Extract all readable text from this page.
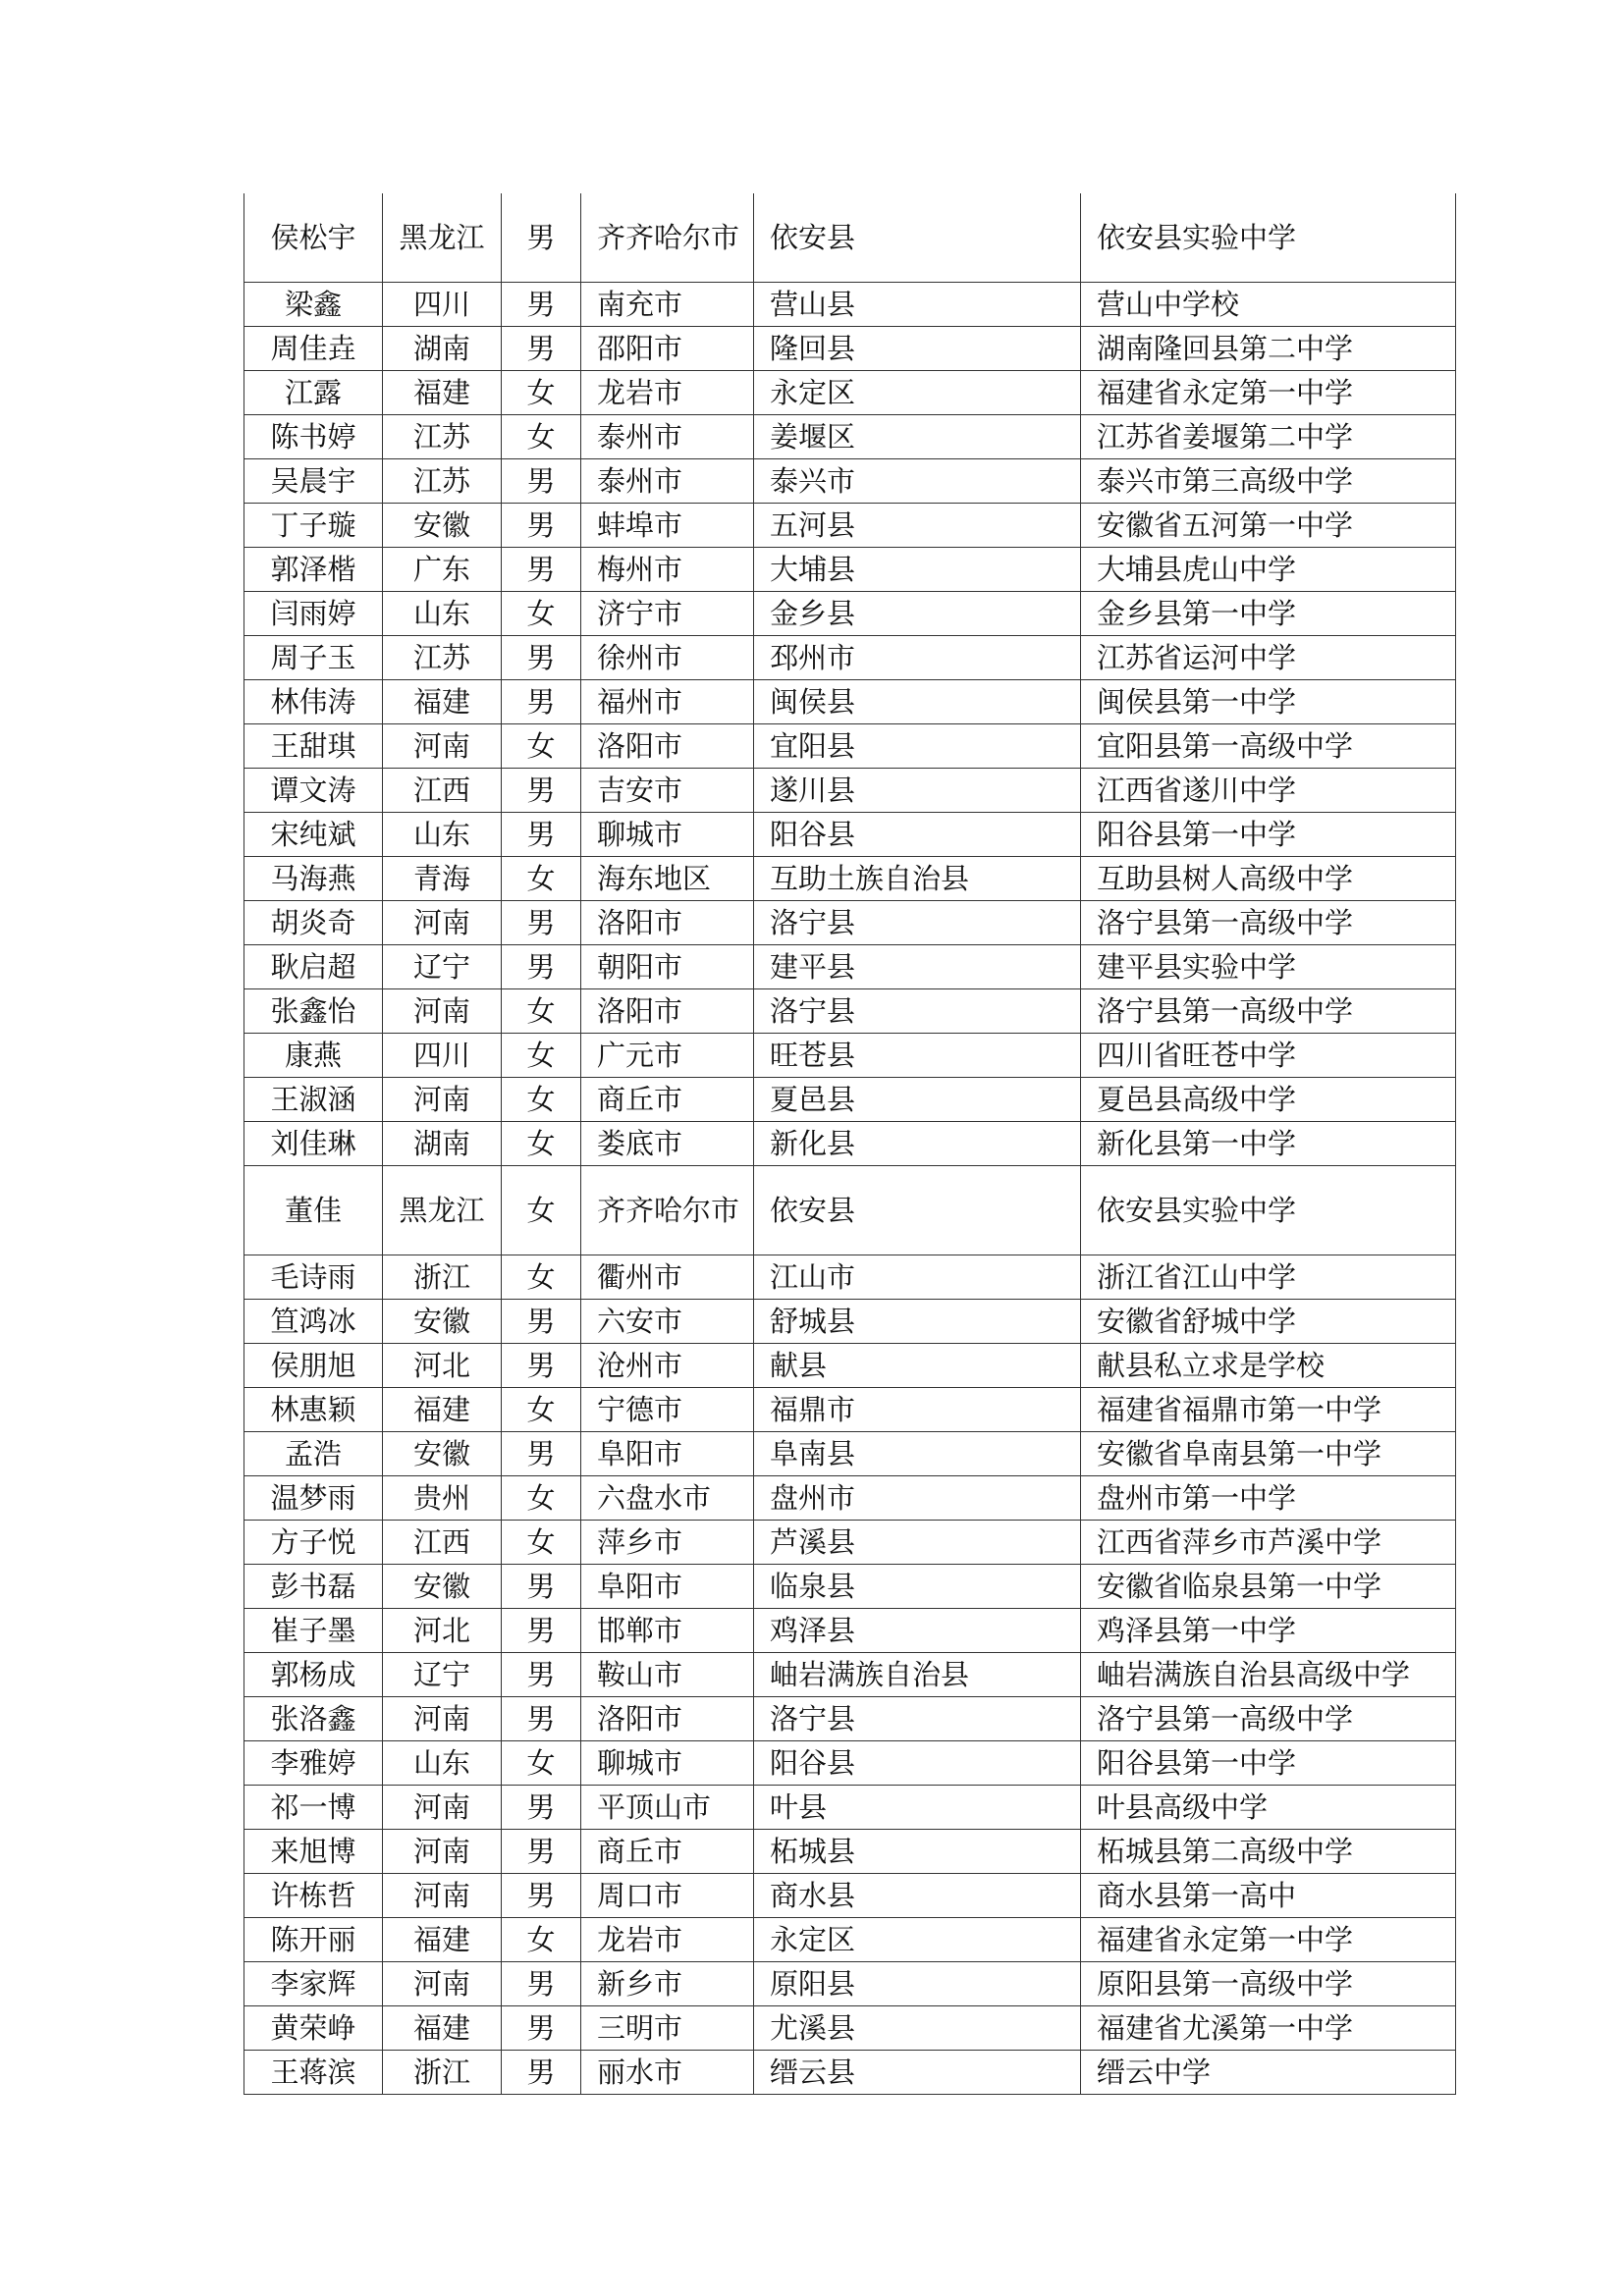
侯松宇	黑龙江	男	齐齐哈尔市	依安县	依安县实验中学
梁鑫	四川	男	南充市	营山县	营山中学校
周佳垚	湖南	男	邵阳市	隆回县	湖南隆回县第二中学
江露	福建	女	龙岩市	永定区	福建省永定第一中学
陈书婷	江苏	女	泰州市	姜堰区	江苏省姜堰第二中学
吴晨宇	江苏	男	泰州市	泰兴市	泰兴市第三高级中学
丁子璇	安徽	男	蚌埠市	五河县	安徽省五河第一中学
郭泽楷	广东	男	梅州市	大埔县	大埔县虎山中学
闫雨婷	山东	女	济宁市	金乡县	金乡县第一中学
周子玉	江苏	男	徐州市	邳州市	江苏省运河中学
林伟涛	福建	男	福州市	闽侯县	闽侯县第一中学
王甜琪	河南	女	洛阳市	宜阳县	宜阳县第一高级中学
谭文涛	江西	男	吉安市	遂川县	江西省遂川中学
宋纯斌	山东	男	聊城市	阳谷县	阳谷县第一中学
马海燕	青海	女	海东地区	互助土族自治县	互助县树人高级中学
胡炎奇	河南	男	洛阳市	洛宁县	洛宁县第一高级中学
耿启超	辽宁	男	朝阳市	建平县	建平县实验中学
张鑫怡	河南	女	洛阳市	洛宁县	洛宁县第一高级中学
康燕	四川	女	广元市	旺苍县	四川省旺苍中学
王淑涵	河南	女	商丘市	夏邑县	夏邑县高级中学
刘佳琳	湖南	女	娄底市	新化县	新化县第一中学
董佳	黑龙江	女	齐齐哈尔市	依安县	依安县实验中学
毛诗雨	浙江	女	衢州市	江山市	浙江省江山中学
笪鸿冰	安徽	男	六安市	舒城县	安徽省舒城中学
侯朋旭	河北	男	沧州市	献县	献县私立求是学校
林惠颖	福建	女	宁德市	福鼎市	福建省福鼎市第一中学
孟浩	安徽	男	阜阳市	阜南县	安徽省阜南县第一中学
温梦雨	贵州	女	六盘水市	盘州市	盘州市第一中学
方子悦	江西	女	萍乡市	芦溪县	江西省萍乡市芦溪中学
彭书磊	安徽	男	阜阳市	临泉县	安徽省临泉县第一中学
崔子墨	河北	男	邯郸市	鸡泽县	鸡泽县第一中学
郭杨成	辽宁	男	鞍山市	岫岩满族自治县	岫岩满族自治县高级中学
张洛鑫	河南	男	洛阳市	洛宁县	洛宁县第一高级中学
李雅婷	山东	女	聊城市	阳谷县	阳谷县第一中学
祁一博	河南	男	平顶山市	叶县	叶县高级中学
来旭博	河南	男	商丘市	柘城县	柘城县第二高级中学
许栋哲	河南	男	周口市	商水县	商水县第一高中
陈开丽	福建	女	龙岩市	永定区	福建省永定第一中学
李家辉	河南	男	新乡市	原阳县	原阳县第一高级中学
黄荣峥	福建	男	三明市	尤溪县	福建省尤溪第一中学
王蒋滨	浙江	男	丽水市	缙云县	缙云中学
